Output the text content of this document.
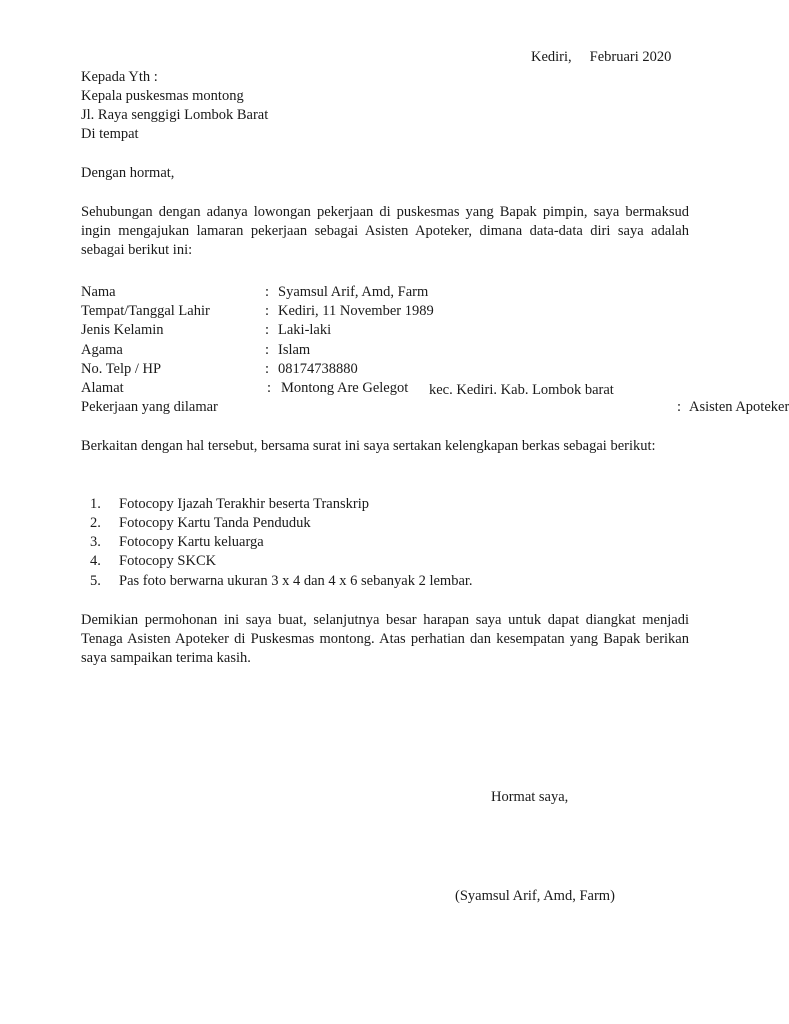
Kediri, Februari 2020
Kepada Yth :
Kepala puskesmas montong
Jl. Raya senggigi Lombok Barat
Di tempat
Dengan hormat,
Sehubungan dengan adanya lowongan pekerjaan di puskesmas yang Bapak pimpin, saya bermaksud ingin mengajukan lamaran pekerjaan sebagai Asisten Apoteker, dimana data-data diri saya adalah sebagai berikut ini:
Nama	: Syamsul Arif, Amd, Farm
Tempat/Tanggal Lahir	: Kediri, 11 November 1989
Jenis Kelamin	: Laki-laki
Agama	: Islam
No. Telp / HP	: 08174738880
Alamat	: Montong Are Gelegot kec. Kediri. Kab. Lombok barat
Pekerjaan yang dilamar	: Asisten Apoteker
Berkaitan dengan hal tersebut, bersama surat ini saya sertakan kelengkapan berkas sebagai berikut:
1. Fotocopy Ijazah Terakhir beserta Transkrip
2. Fotocopy Kartu Tanda Penduduk
3. Fotocopy Kartu keluarga
4. Fotocopy SKCK
5. Pas foto berwarna ukuran 3 x 4 dan 4 x 6 sebanyak 2 lembar.
Demikian permohonan ini saya buat, selanjutnya besar harapan saya untuk dapat diangkat menjadi Tenaga Asisten Apoteker di Puskesmas montong. Atas perhatian dan kesempatan yang Bapak berikan saya sampaikan terima kasih.
Hormat saya,
(Syamsul Arif, Amd, Farm)
